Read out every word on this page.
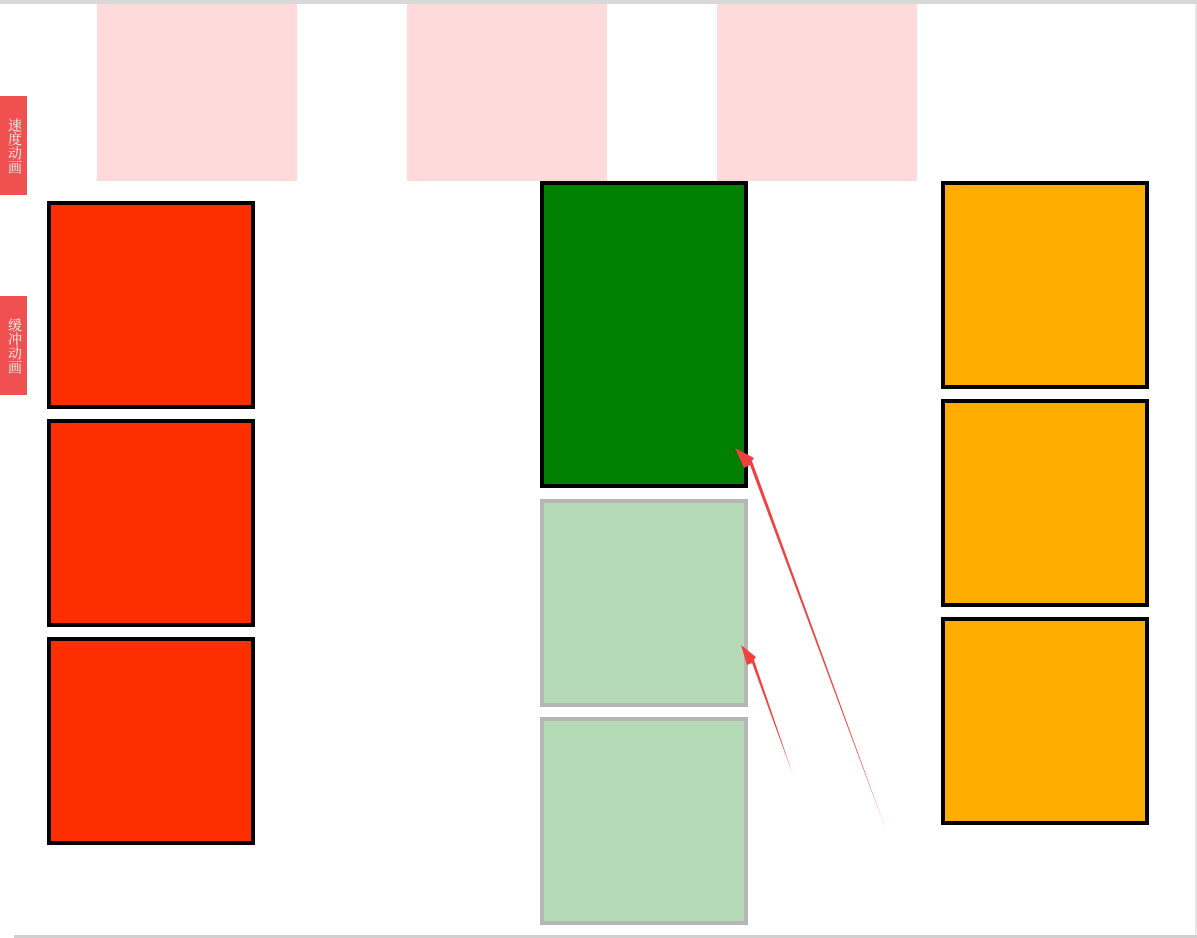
速度动画
缓冲动画
